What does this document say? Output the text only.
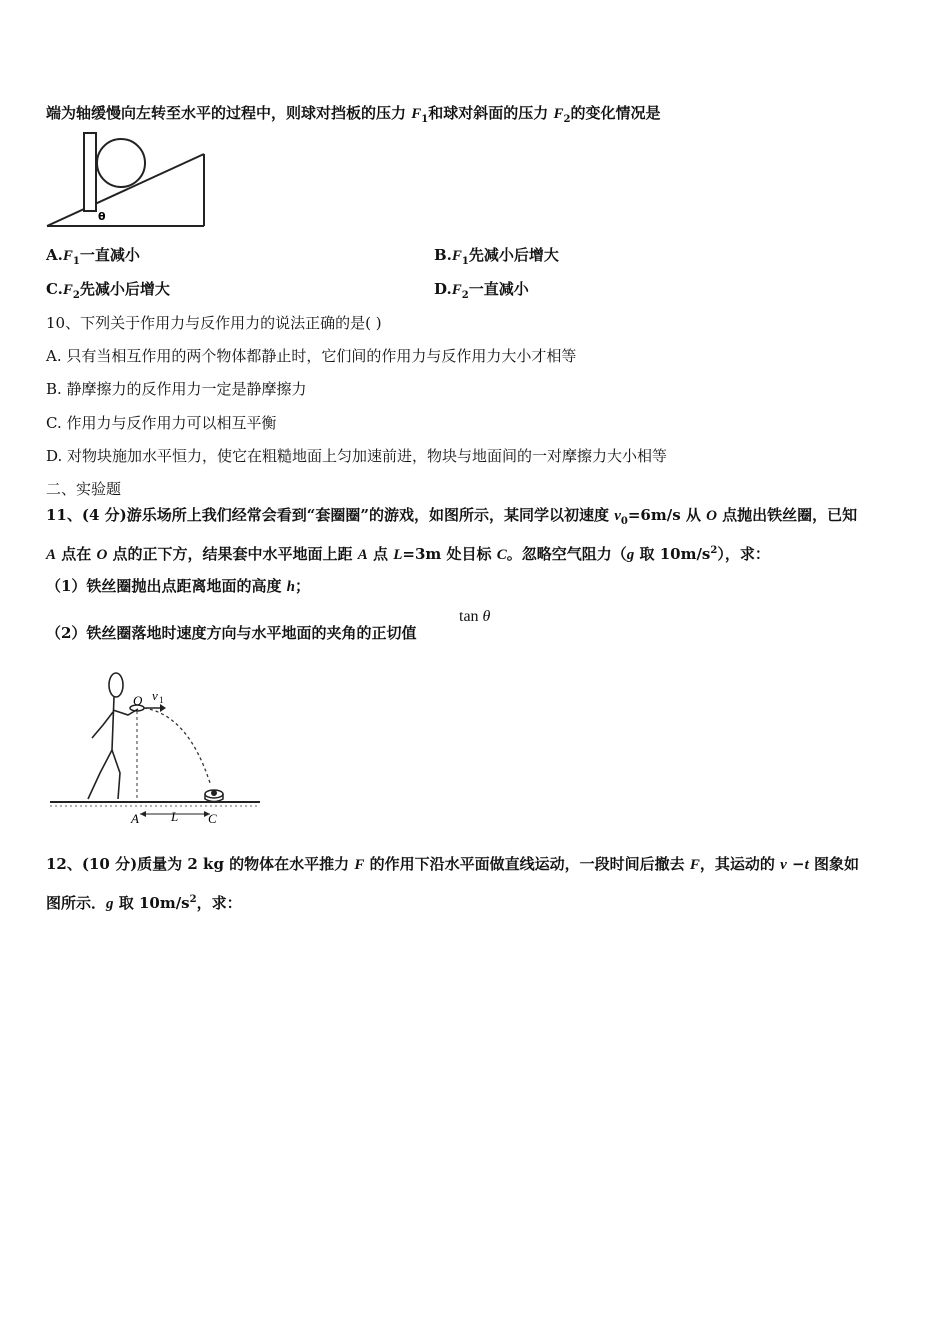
端为轴缓慢向左转至水平的过程中，则球对挡板的压力 $F_1$和球对斜面的压力 $F_2$的变化情况是
θ
$A.F_1$一直减小	$B.F_1$先减小后增大
$C.F_2$先减小后增大	$D.F_2$一直减小
10、下列关于作用力与反作用力的说法正确的是( )
A. 只有当相互作用的两个物体都静止时，它们间的作用力与反作用力大小才相等
B. 静摩擦力的反作用力一定是静摩擦力
C. 作用力与反作用力可以相互平衡
D. 对物块施加水平恒力，使它在粗糙地面上匀加速前进，物块与地面间的一对摩擦力大小相等
二、实验题
11、(4 分)游乐场所上我们经常会看到“套圈圈”的游戏，如图所示，某同学以初速度 $v_0=6m/s$ 从 O 点抛出铁丝圈，已知
A 点在 O 点的正下方，结果套中水平地面上距 A 点 L=3m 处目标 C。忽略空气阻力（g 取 $10m/s^2$），求：
（1）铁丝圈抛出点距离地面的高度 h；
（2）铁丝圈落地时速度方向与水平地面的夹角的正切值
tan θ
O v 1
A L C
12、(10 分)质量为 2 kg 的物体在水平推力 F 的作用下沿水平面做直线运动，一段时间后撤去 F，其运动的 v −t 图象如
图所示．g 取 $10m/s^2$，求：
